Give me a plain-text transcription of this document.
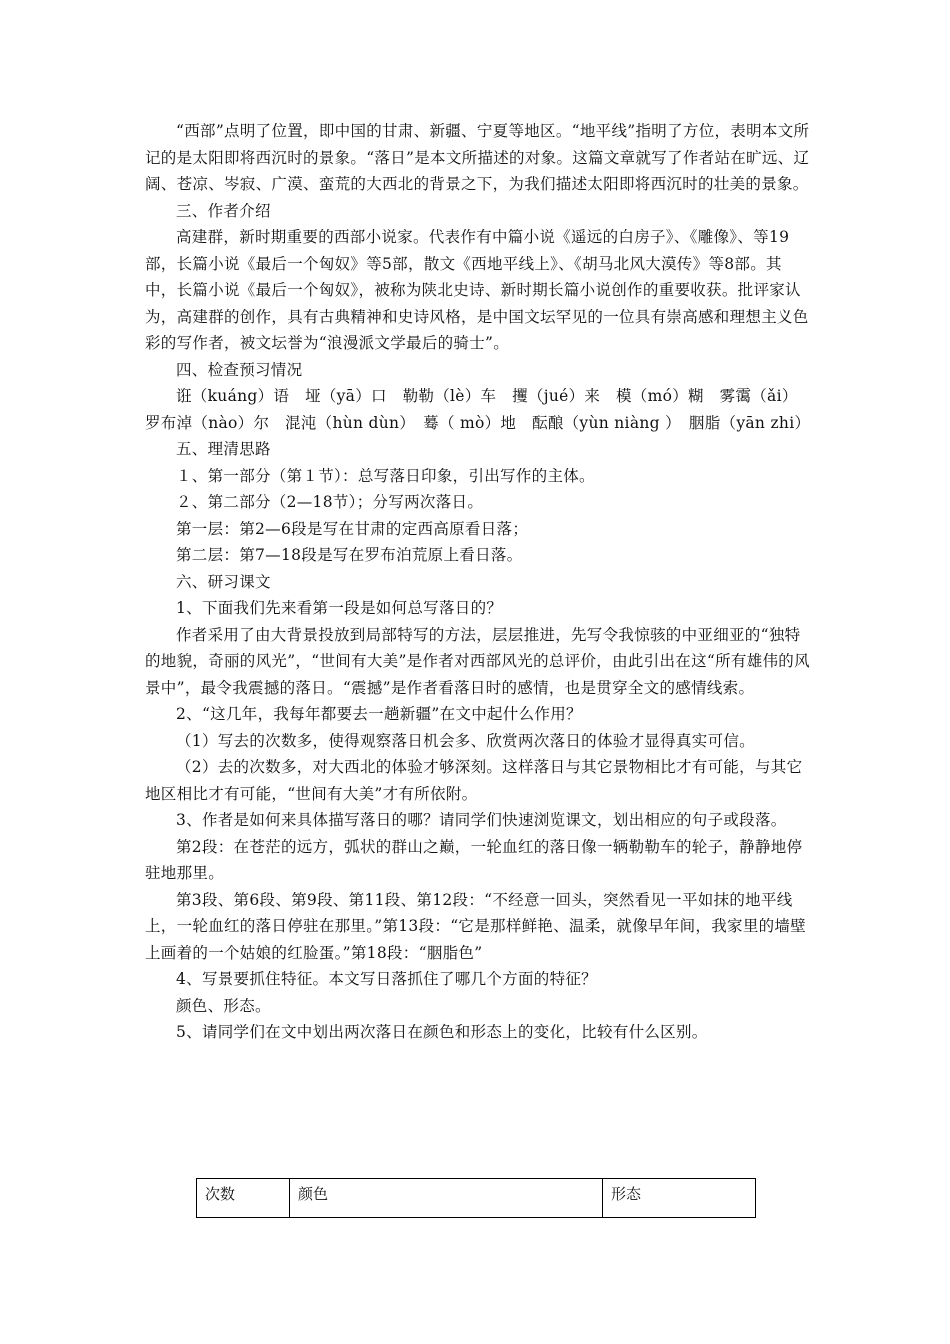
“西部”点明了位置，即中国的甘肃、新疆、宁夏等地区。“地平线”指明了方位，表明本文所记的是太阳即将西沉时的景象。“落日”是本文所描述的对象。这篇文章就写了作者站在旷远、辽阔、苍凉、岑寂、广漠、蛮荒的大西北的背景之下，为我们描述太阳即将西沉时的壮美的景象。

三、作者介绍

高建群，新时期重要的西部小说家。代表作有中篇小说《遥远的白房子》、《雕像》、等19部，长篇小说《最后一个匈奴》等5部，散文《西地平线上》、《胡马北风大漠传》等8部。其中，长篇小说《最后一个匈奴》，被称为陕北史诗、新时期长篇小说创作的重要收获。批评家认为，高建群的创作，具有古典精神和史诗风格，是中国文坛罕见的一位具有崇高感和理想主义色彩的写作者，被文坛誉为“浪漫派文学最后的骑士”。

四、检查预习情况

诳（kuáng）语　垭（yā）口　勒勒（lè）车　攫（jué）来　模（mó）糊　雾霭（ǎi）　罗布淖（nào）尔　混沌（hùn dùn）　蓦（ mò）地　酝酿（yùn niàng ）　胭脂（yān zhi）

五、理清思路

１、第一部分（第１节）：总写落日印象，引出写作的主体。

２、第二部分（2—18节）；分写两次落日。

第一层：第2—6段是写在甘肃的定西高原看日落；

第二层：第7—18段是写在罗布泊荒原上看日落。

六、研习课文

1、下面我们先来看第一段是如何总写落日的？

作者采用了由大背景投放到局部特写的方法，层层推进，先写令我惊骇的中亚细亚的“独特的地貌，奇丽的风光”，“世间有大美”是作者对西部风光的总评价，由此引出在这“所有雄伟的风景中”，最令我震撼的落日。“震撼”是作者看落日时的感情，也是贯穿全文的感情线索。

2、“这几年，我每年都要去一趟新疆”在文中起什么作用？

（1）写去的次数多，使得观察落日机会多、欣赏两次落日的体验才显得真实可信。

（2）去的次数多，对大西北的体验才够深刻。这样落日与其它景物相比才有可能，与其它地区相比才有可能，“世间有大美”才有所依附。

3、作者是如何来具体描写落日的哪？请同学们快速浏览课文，划出相应的句子或段落。

第2段：在苍茫的远方，弧状的群山之巅，一轮血红的落日像一辆勒勒车的轮子，静静地停驻地那里。

第3段、第6段、第9段、第11段、第12段：“不经意一回头，突然看见一平如抹的地平线上，一轮血红的落日停驻在那里。”第13段：“它是那样鲜艳、温柔，就像早年间，我家里的墙壁上画着的一个姑娘的红脸蛋。”第18段：“胭脂色”

4、写景要抓住特征。本文写日落抓住了哪几个方面的特征？

颜色、形态。

5、请同学们在文中划出两次落日在颜色和形态上的变化，比较有什么区别。

次数	颜色	形态
